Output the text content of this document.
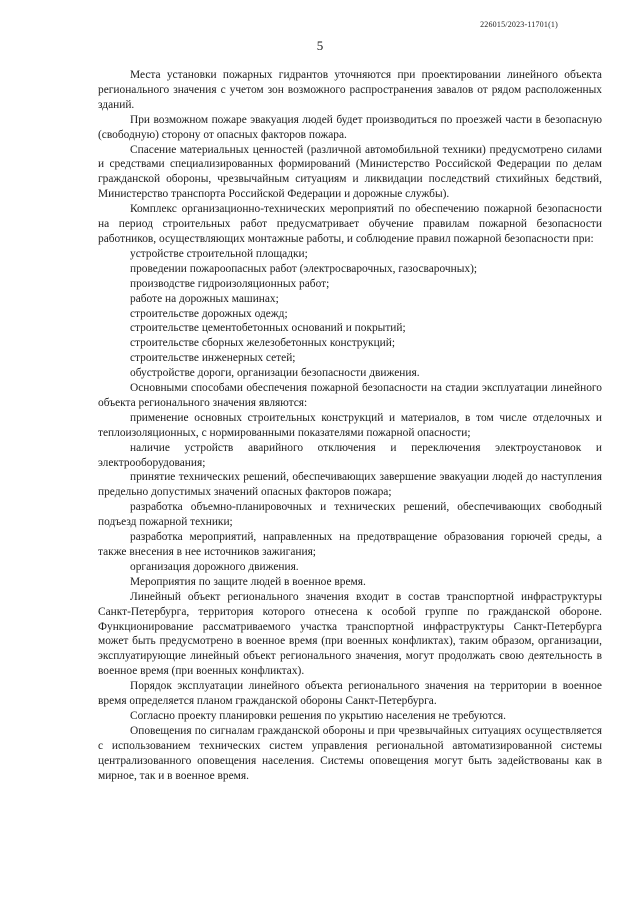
226015/2023-11701(1)
5

Места установки пожарных гидрантов уточняются при проектировании линейного объекта регионального значения с учетом зон возможного распространения завалов от рядом расположенных зданий.

При возможном пожаре эвакуация людей будет производиться по проезжей части в безопасную (свободную) сторону от опасных факторов пожара.

Спасение материальных ценностей (различной автомобильной техники) предусмотрено силами и средствами специализированных формирований (Министерство Российской Федерации по делам гражданской обороны, чрезвычайным ситуациям и ликвидации последствий стихийных бедствий, Министерство транспорта Российской Федерации и дорожные службы).

Комплекс организационно-технических мероприятий по обеспечению пожарной безопасности на период строительных работ предусматривает обучение правилам пожарной безопасности работников, осуществляющих монтажные работы, и соблюдение правил пожарной безопасности при:

устройстве строительной площадки;

проведении пожароопасных работ (электросварочных, газосварочных);

производстве гидроизоляционных работ;

работе на дорожных машинах;

строительстве дорожных одежд;

строительстве цементобетонных оснований и покрытий;

строительстве сборных железобетонных конструкций;

строительстве инженерных сетей;

обустройстве дороги, организации безопасности движения.

Основными способами обеспечения пожарной безопасности на стадии эксплуатации линейного объекта регионального значения являются:

применение основных строительных конструкций и материалов, в том числе отделочных и теплоизоляционных, с нормированными показателями пожарной опасности;

наличие устройств аварийного отключения и переключения электроустановок и электрооборудования;

принятие технических решений, обеспечивающих завершение эвакуации людей до наступления предельно допустимых значений опасных факторов пожара;

разработка объемно-планировочных и технических решений, обеспечивающих свободный подъезд пожарной техники;

разработка мероприятий, направленных на предотвращение образования горючей среды, а также внесения в нее источников зажигания;

организация дорожного движения.

Мероприятия по защите людей в военное время.

Линейный объект регионального значения входит в состав транспортной инфраструктуры Санкт-Петербурга, территория которого отнесена к особой группе по гражданской обороне. Функционирование рассматриваемого участка транспортной инфраструктуры Санкт-Петербурга может быть предусмотрено в военное время (при военных конфликтах), таким образом, организации, эксплуатирующие линейный объект регионального значения, могут продолжать свою деятельность в военное время (при военных конфликтах).

Порядок эксплуатации линейного объекта регионального значения на территории в военное время определяется планом гражданской обороны Санкт-Петербурга.

Согласно проекту планировки решения по укрытию населения не требуются.

Оповещения по сигналам гражданской обороны и при чрезвычайных ситуациях осуществляется с использованием технических систем управления региональной автоматизированной системы централизованного оповещения населения. Системы оповещения могут быть задействованы как в мирное, так и в военное время.
